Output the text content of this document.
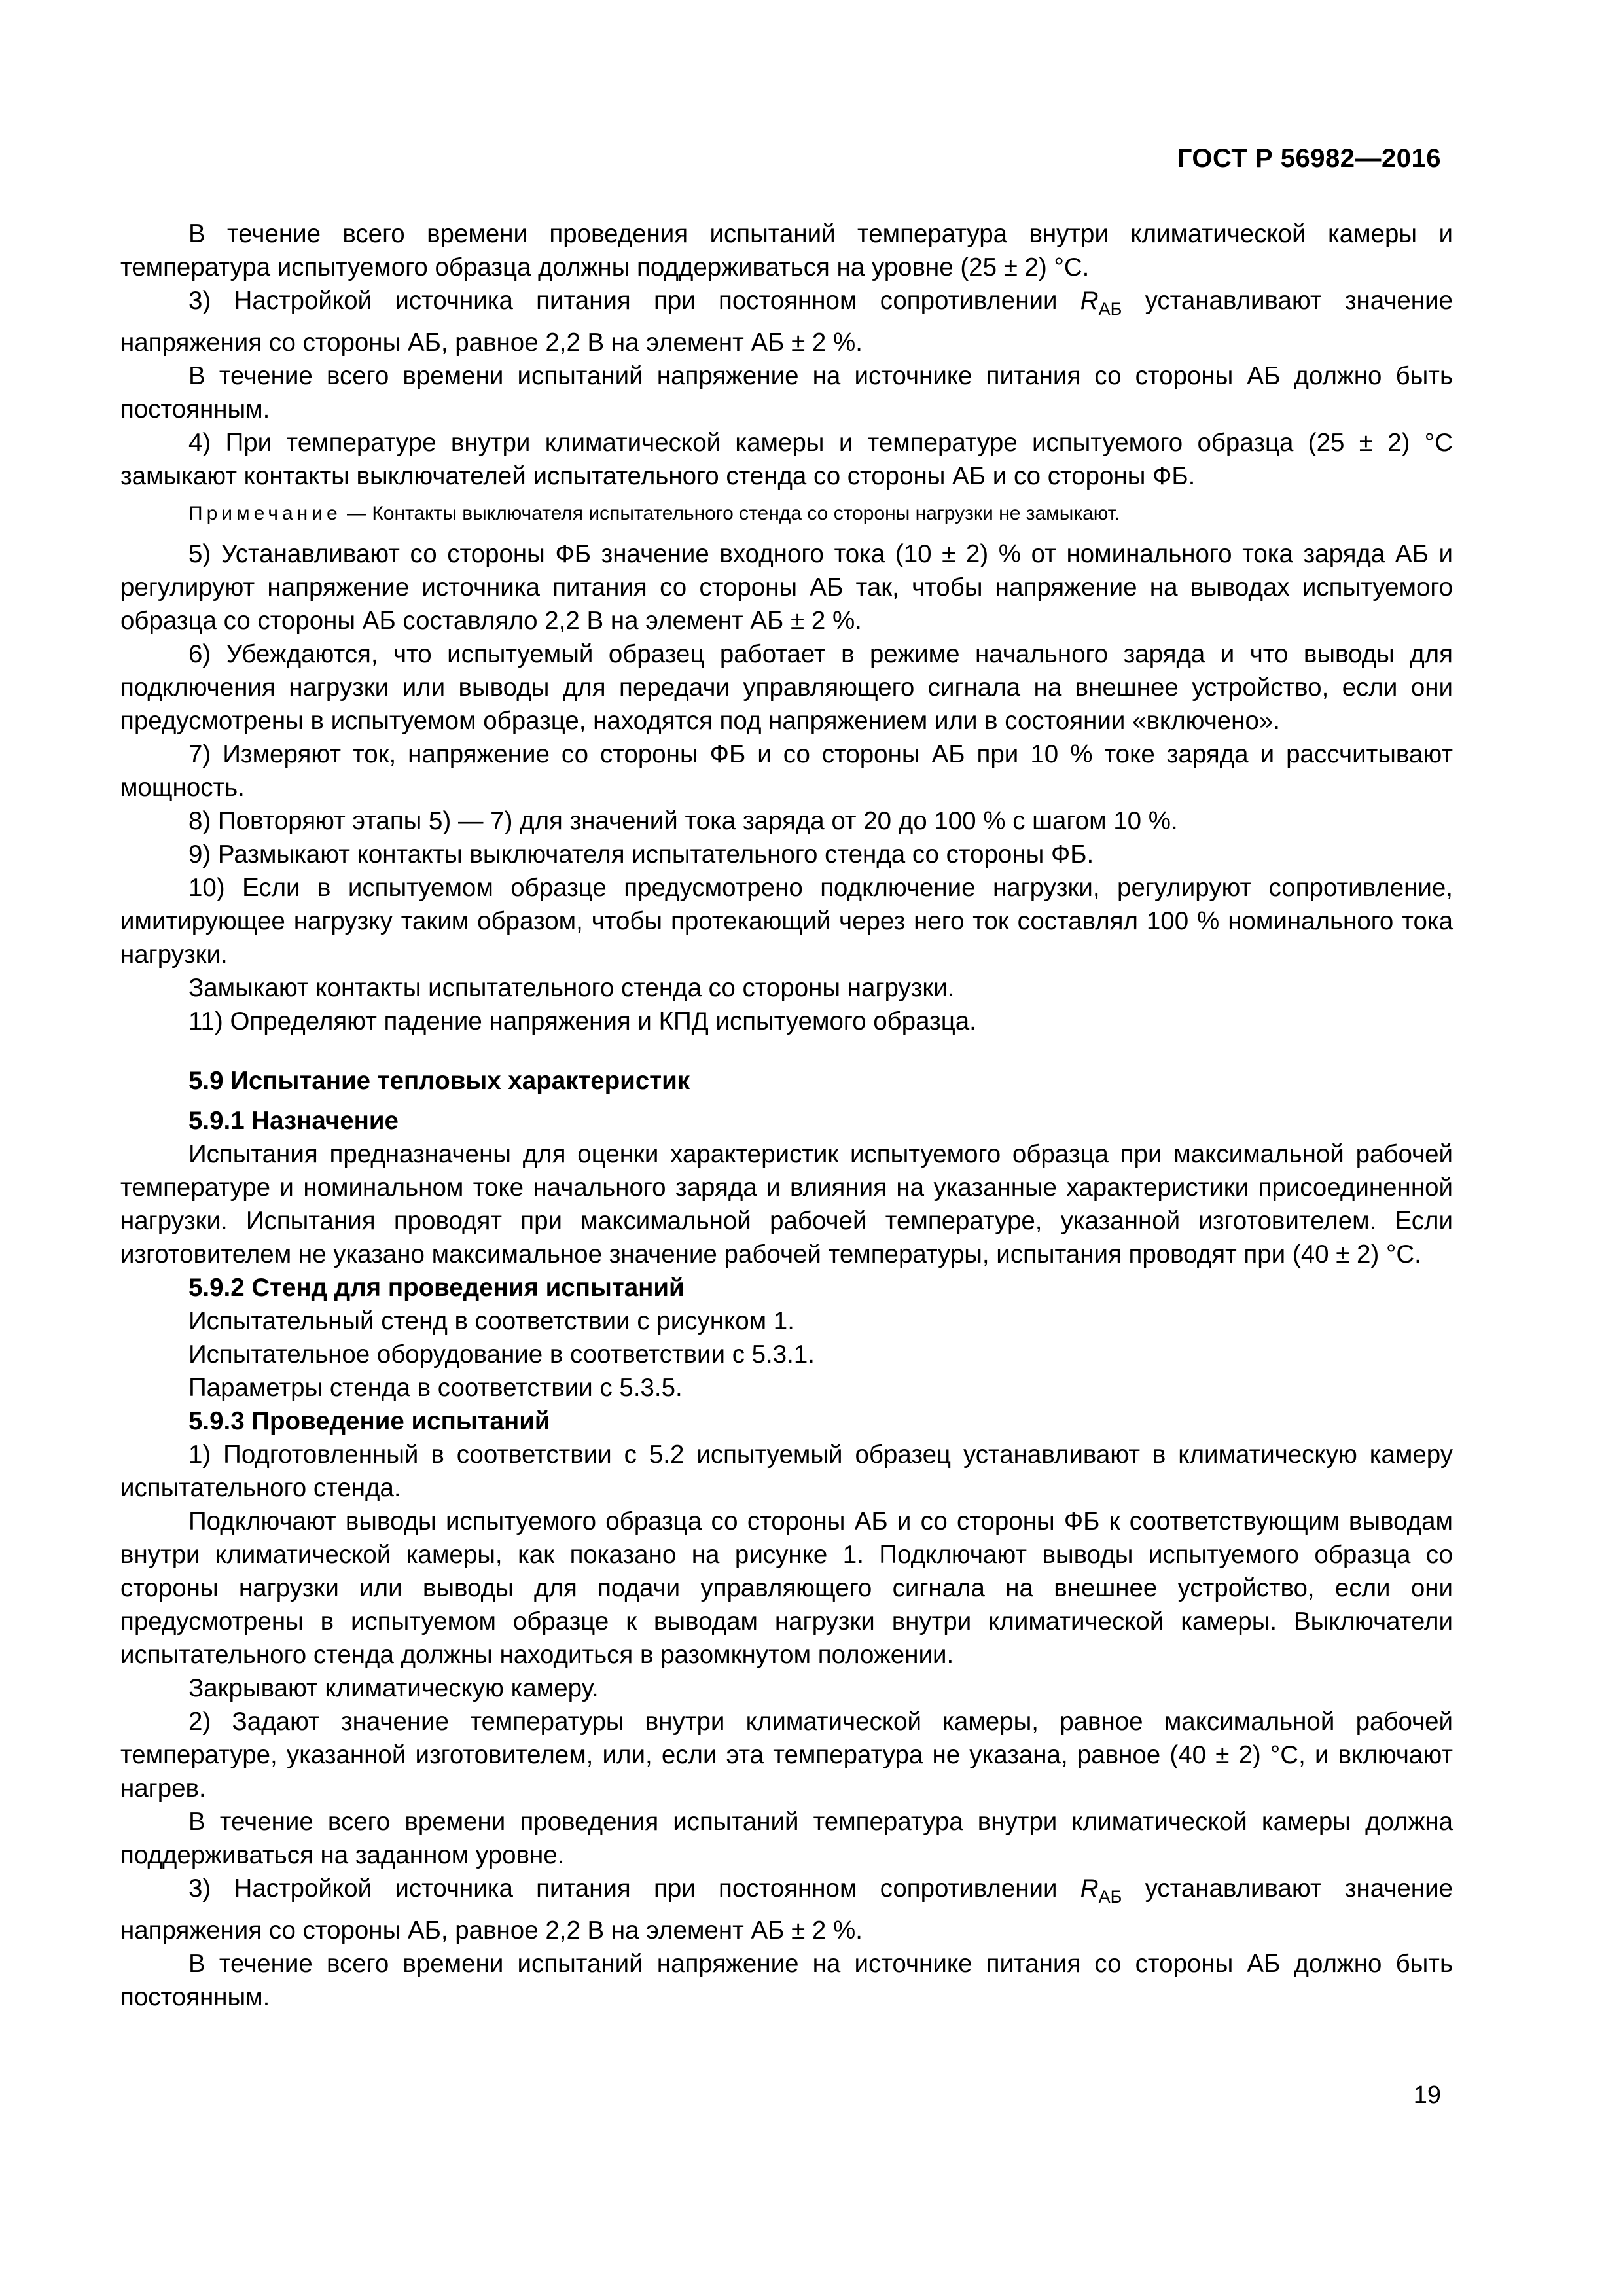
ГОСТ Р 56982—2016

В течение всего времени проведения испытаний температура внутри климатической камеры и температура испытуемого образца должны поддерживаться на уровне (25 ± 2) °С.

3) Настройкой источника питания при постоянном сопротивлении $R_{АБ}$ устанавливают значение напряжения со стороны АБ, равное 2,2 В на элемент АБ ± 2 %.

В течение всего времени испытаний напряжение на источнике питания со стороны АБ должно быть постоянным.

4) При температуре внутри климатической камеры и температуре испытуемого образца (25 ± 2) °С замыкают контакты выключателей испытательного стенда со стороны АБ и со стороны ФБ.

Примечание — Контакты выключателя испытательного стенда со стороны нагрузки не замыкают.

5) Устанавливают со стороны ФБ значение входного тока (10 ± 2) % от номинального тока заряда АБ и регулируют напряжение источника питания со стороны АБ так, чтобы напряжение на выводах испытуемого образца со стороны АБ составляло 2,2 В на элемент АБ ± 2 %.

6) Убеждаются, что испытуемый образец работает в режиме начального заряда и что выводы для подключения нагрузки или выводы для передачи управляющего сигнала на внешнее устройство, если они предусмотрены в испытуемом образце, находятся под напряжением или в состоянии «включено».

7) Измеряют ток, напряжение со стороны ФБ и со стороны АБ при 10 % токе заряда и рассчитывают мощность.

8) Повторяют этапы 5) — 7) для значений тока заряда от 20 до 100 % с шагом 10 %.

9) Размыкают контакты выключателя испытательного стенда со стороны ФБ.

10) Если в испытуемом образце предусмотрено подключение нагрузки, регулируют сопротивление, имитирующее нагрузку таким образом, чтобы протекающий через него ток составлял 100 % номинального тока нагрузки.

Замыкают контакты испытательного стенда со стороны нагрузки.

11) Определяют падение напряжения и КПД испытуемого образца.

5.9 Испытание тепловых характеристик

5.9.1 Назначение

Испытания предназначены для оценки характеристик испытуемого образца при максимальной рабочей температуре и номинальном токе начального заряда и влияния на указанные характеристики присоединенной нагрузки. Испытания проводят при максимальной рабочей температуре, указанной изготовителем. Если изготовителем не указано максимальное значение рабочей температуры, испытания проводят при (40 ± 2) °С.

5.9.2 Стенд для проведения испытаний

Испытательный стенд в соответствии с рисунком 1.

Испытательное оборудование в соответствии с 5.3.1.

Параметры стенда в соответствии с 5.3.5.

5.9.3 Проведение испытаний

1) Подготовленный в соответствии с 5.2 испытуемый образец устанавливают в климатическую камеру испытательного стенда.

Подключают выводы испытуемого образца со стороны АБ и со стороны ФБ к соответствующим выводам внутри климатической камеры, как показано на рисунке 1. Подключают выводы испытуемого образца со стороны нагрузки или выводы для подачи управляющего сигнала на внешнее устройство, если они предусмотрены в испытуемом образце к выводам нагрузки внутри климатической камеры. Выключатели испытательного стенда должны находиться в разомкнутом положении.

Закрывают климатическую камеру.

2) Задают значение температуры внутри климатической камеры, равное максимальной рабочей температуре, указанной изготовителем, или, если эта температура не указана, равное (40 ± 2) °С, и включают нагрев.

В течение всего времени проведения испытаний температура внутри климатической камеры должна поддерживаться на заданном уровне.

3) Настройкой источника питания при постоянном сопротивлении $R_{АБ}$ устанавливают значение напряжения со стороны АБ, равное 2,2 В на элемент АБ ± 2 %.

В течение всего времени испытаний напряжение на источнике питания со стороны АБ должно быть постоянным.

19
